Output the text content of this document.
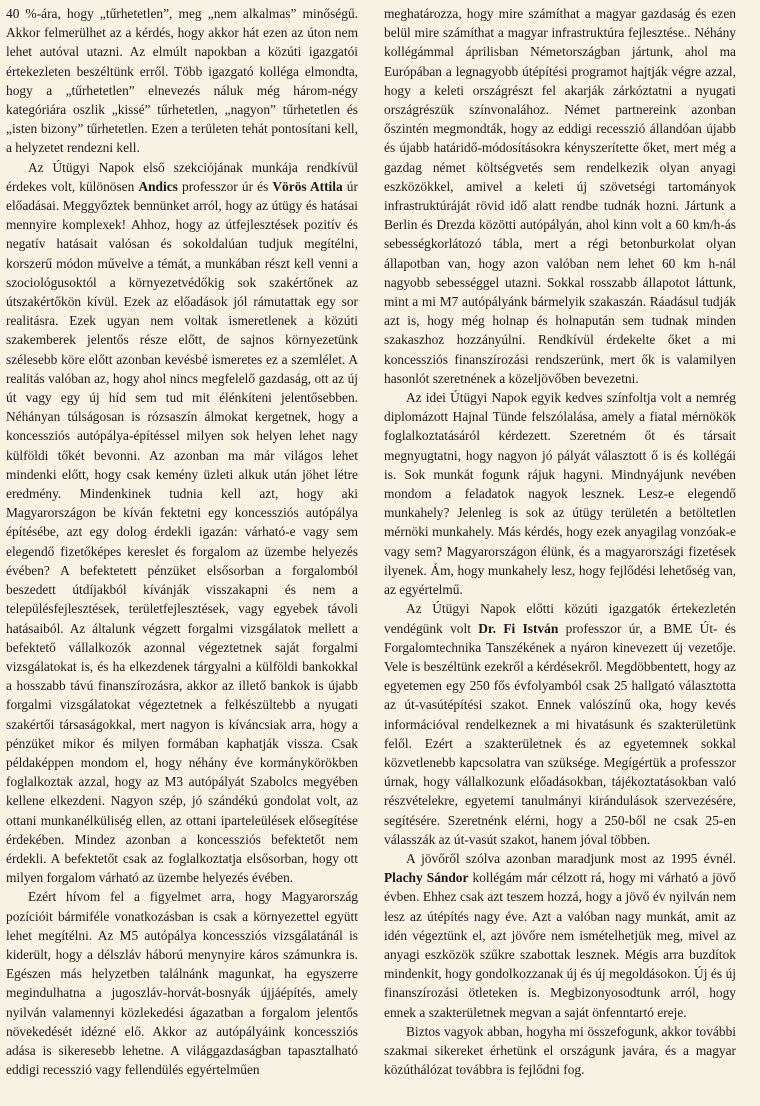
40 %-ára, hogy „tűrhetetlen”, meg „nem alkalmas” minőségű. Akkor felmerülhet az a kérdés, hogy akkor hát ezen az úton nem lehet autóval utazni. Az elmúlt napokban a közúti igazgatói értekezleten beszéltünk erről. Több igazgató kolléga elmondta, hogy a „tűrhetetlen” elnevezés náluk még három-négy kategóriára oszlik „kissé” tűrhetetlen, „nagyon” tűrhetetlen és „isten bizony” tűrhetetlen. Ezen a területen tehát pontosítani kell, a helyzetet rendezni kell.

Az Útügyi Napok első szekciójának munkája rendkívül érdekes volt, különösen Andics professzor úr és Vörös Attila úr előadásai. Meggyőztek bennünket arról, hogy az útügy és hatásai mennyire komplexek! Ahhoz, hogy az útfejlesztések pozitív és negatív hatásait valósan és sokoldalúan tudjuk megítélni, korszerű módon művelve a témát, a munkában részt kell venni a szociológusoktól a környezetvédőkig sok szakértőnek az útszakértőkön kívül. Ezek az előadások jól rámutattak egy sor realitásra. Ezek ugyan nem voltak ismeretlenek a közúti szakemberek jelentős része előtt, de sajnos környezetünk szélesebb köre előtt azonban kevésbé ismeretes ez a szemlélet. A realitás valóban az, hogy ahol nincs megfelelő gazdaság, ott az új út vagy egy új híd sem tud mit élénkíteni jelentősebben. Néhányan túlságosan is rózsaszín álmokat kergetnek, hogy a koncessziós autópálya-építéssel milyen sok helyen lehet nagy külföldi tőkét bevonni. Az azonban ma már világos lehet mindenki előtt, hogy csak kemény üzleti alkuk után jöhet létre eredmény. Mindenkinek tudnia kell azt, hogy aki Magyarországon be kíván fektetni egy koncessziós autópálya építésébe, azt egy dolog érdekli igazán: várható-e vagy sem elegendő fizetőképes kereslet és forgalom az üzembe helyezés évében? A befektetett pénzüket elsősorban a forgalomból beszedett útdíjakból kívánják visszakapni és nem a településfejlesztések, területfejlesztések, vagy egyebek távoli hatásaiból. Az általunk végzett forgalmi vizsgálatok mellett a befektető vállalkozók azonnal végeztetnek saját forgalmi vizsgálatokat is, és ha elkezdenek tárgyalni a külföldi bankokkal a hosszabb távú finanszírozásra, akkor az illető bankok is újabb forgalmi vizsgálatokat végeztetnek a felkészültebb a nyugati szakértői társaságokkal, mert nagyon is kíváncsiak arra, hogy a pénzüket mikor és milyen formában kaphatják vissza. Csak példaképpen mondom el, hogy néhány éve kormánykörökben foglalkoztak azzal, hogy az M3 autópályát Szabolcs megyében kellene elkezdeni. Nagyon szép, jó szándékú gondolat volt, az ottani munkanélküliség ellen, az ottani iparteleülések elősegítése érdekében. Mindez azonban a koncessziós befektetőt nem érdekli. A befektetőt csak az foglalkoztatja elsősorban, hogy ott milyen forgalom várható az üzembe helyezés évében.

Ezért hívom fel a figyelmet arra, hogy Magyarország pozícióit bármiféle vonatkozásban is csak a környezettel együtt lehet megítélni. Az M5 autópálya koncessziós vizsgálatánál is kiderült, hogy a délszláv háború menynyire káros számunkra is. Egészen más helyzetben találnánk magunkat, ha egyszerre megindulhatna a jugoszláv-horvát-bosnyák újjáépítés, amely nyilván valamennyi közlekedési ágazatban a forgalom jelentős növekedését idézné elő. Akkor az autópályáink koncessziós adása is sikeresebb lehetne. A világgazdaságban tapasztalható eddigi recesszió vagy fellendülés egyértelműen

meghatározza, hogy mire számíthat a magyar gazdaság és ezen belül mire számíthat a magyar infrastruktúra fejlesztése.. Néhány kollégámmal áprilisban Németországban jártunk, ahol ma Európában a legnagyobb útépítési programot hajtják végre azzal, hogy a keleti országrészt fel akarják zárkóztatni a nyugati országrészük színvonalához. Német partnereink azonban őszintén megmondták, hogy az eddigi recesszió állandóan újabb és újabb határidő-módosításokra kényszerítette őket, mert még a gazdag német költségvetés sem rendelkezik olyan anyagi eszközökkel, amivel a keleti új szövetségi tartományok infrastruktúráját rövid idő alatt rendbe tudnák hozni. Jártunk a Berlin és Drezda közötti autópályán, ahol kinn volt a 60 km/h-ás sebességkorlátozó tábla, mert a régi betonburkolat olyan állapotban van, hogy azon valóban nem lehet 60 km h-nál nagyobb sebességgel utazni. Sokkal rosszabb állapotot láttunk, mint a mi M7 autópályánk bármelyik szakaszán. Ráadásul tudják azt is, hogy még holnap és holnapután sem tudnak minden szakaszhoz hozzányúlni. Rendkívül érdekelte őket a mi koncessziós finanszírozási rendszerünk, mert ők is valamilyen hasonlót szeretnének a közeljövőben bevezetni.

Az idei Útügyi Napok egyik kedves színfoltja volt a nemrég diplomázott Hajnal Tünde felszólalása, amely a fiatal mérnökök foglalkoztatásáról kérdezett. Szeretném őt és társait megnyugtatni, hogy nagyon jó pályát választott ő is és kollégái is. Sok munkát fogunk rájuk hagyni. Mindnyájunk nevében mondom a feladatok nagyok lesznek. Lesz-e elegendő munkahely? Jelenleg is sok az útügy területén a betöltetlen mérnöki munkahely. Más kérdés, hogy ezek anyagilag vonzóak-e vagy sem? Magyarországon élünk, és a magyarországi fizetések ilyenek. Ám, hogy munkahely lesz, hogy fejlődési lehetőség van, az egyértelmű.

Az Útügyi Napok előtti közúti igazgatók értekezletén vendégünk volt Dr. Fi István professzor úr, a BME Út- és Forgalomtechnika Tanszékének a nyáron kinevezett új vezetője. Vele is beszéltünk ezekről a kérdésekről. Megdöbbentett, hogy az egyetemen egy 250 fős évfolyamból csak 25 hallgató választotta az út-vasútépítési szakot. Ennek valószínű oka, hogy kevés információval rendelkeznek a mi hivatásunk és szakterületünk felől. Ezért a szakterületnek és az egyetemnek sokkal közvetlenebb kapcsolatra van szüksége. Megígértük a professzor úrnak, hogy vállalkozunk előadásokban, tájékoztatásokban való részvételekre, egyetemi tanulmányi kirándulások szervezésére, segítésére. Szeretnénk elérni, hogy a 250-ből ne csak 25-en válasszák az út-vasút szakot, hanem jóval többen.

A jövőről szólva azonban maradjunk most az 1995 évnél. Plachy Sándor kollégám már célzott rá, hogy mi várható a jövő évben. Ehhez csak azt teszem hozzá, hogy a jövő év nyilván nem lesz az útépítés nagy éve. Azt a valóban nagy munkát, amit az idén végeztünk el, azt jövőre nem ismételhetjük meg, mivel az anyagi eszközök szűkre szabottak lesznek. Mégis arra buzdítok mindenkit, hogy gondolkozzanak új és új megoldásokon. Új és új finanszírozási ötleteken is. Megbizonyosodtunk arról, hogy ennek a szakterületnek megvan a saját önfenntartó ereje.

Biztos vagyok abban, hogyha mi összefogunk, akkor további szakmai sikereket érhetünk el országunk javára, és a magyar közúthálózat továbbra is fejlődni fog.
